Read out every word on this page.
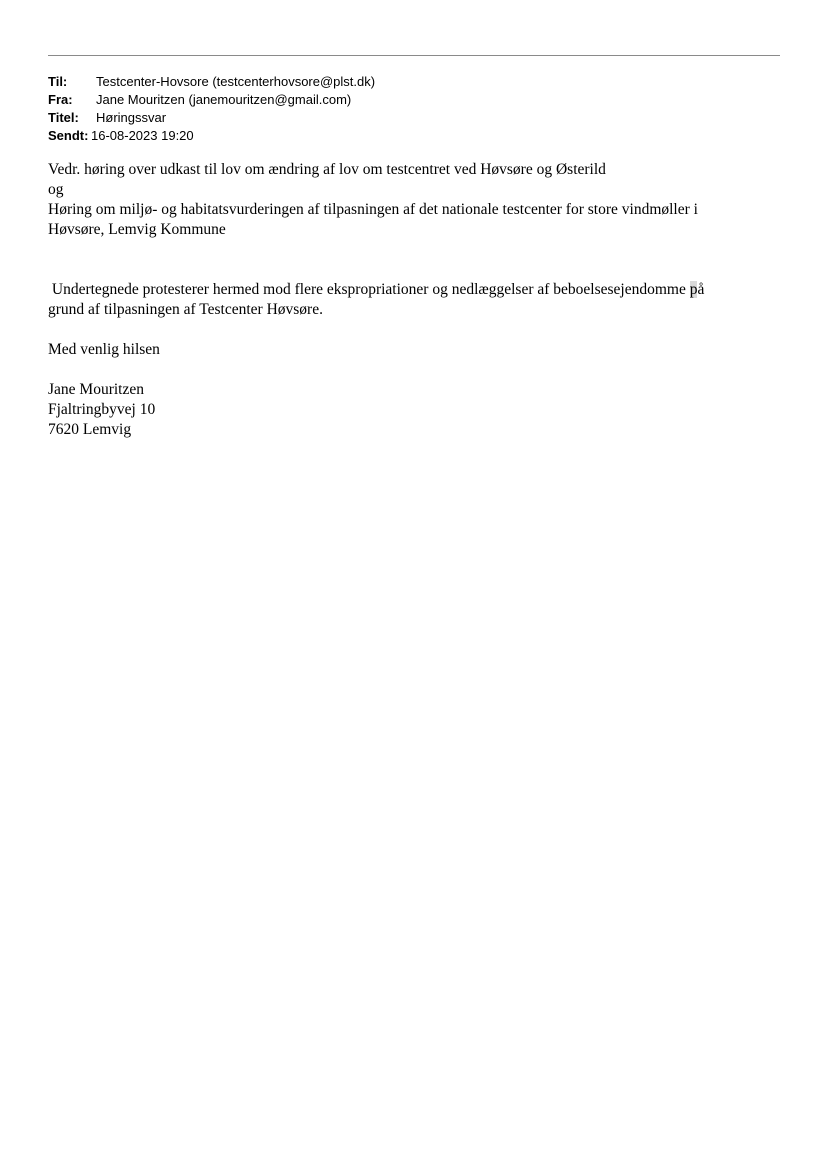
Til:	Testcenter-Hovsore (testcenterhovsore@plst.dk)
Fra:	Jane Mouritzen (janemouritzen@gmail.com)
Titel:	Høringssvar
Sendt: 16-08-2023 19:20
Vedr. høring over udkast til lov om ændring af lov om testcentret ved Høvsøre og Østerild
og
Høring om miljø- og habitatsvurderingen af tilpasningen af det nationale testcenter for store vindmøller i
Høvsøre, Lemvig Kommune
Undertegnede protesterer hermed mod flere ekspropriationer og nedlæggelser af beboelsesejendomme på
grund af tilpasningen af Testcenter Høvsøre.
Med venlig hilsen
Jane Mouritzen
Fjaltringbyvej 10
7620 Lemvig
